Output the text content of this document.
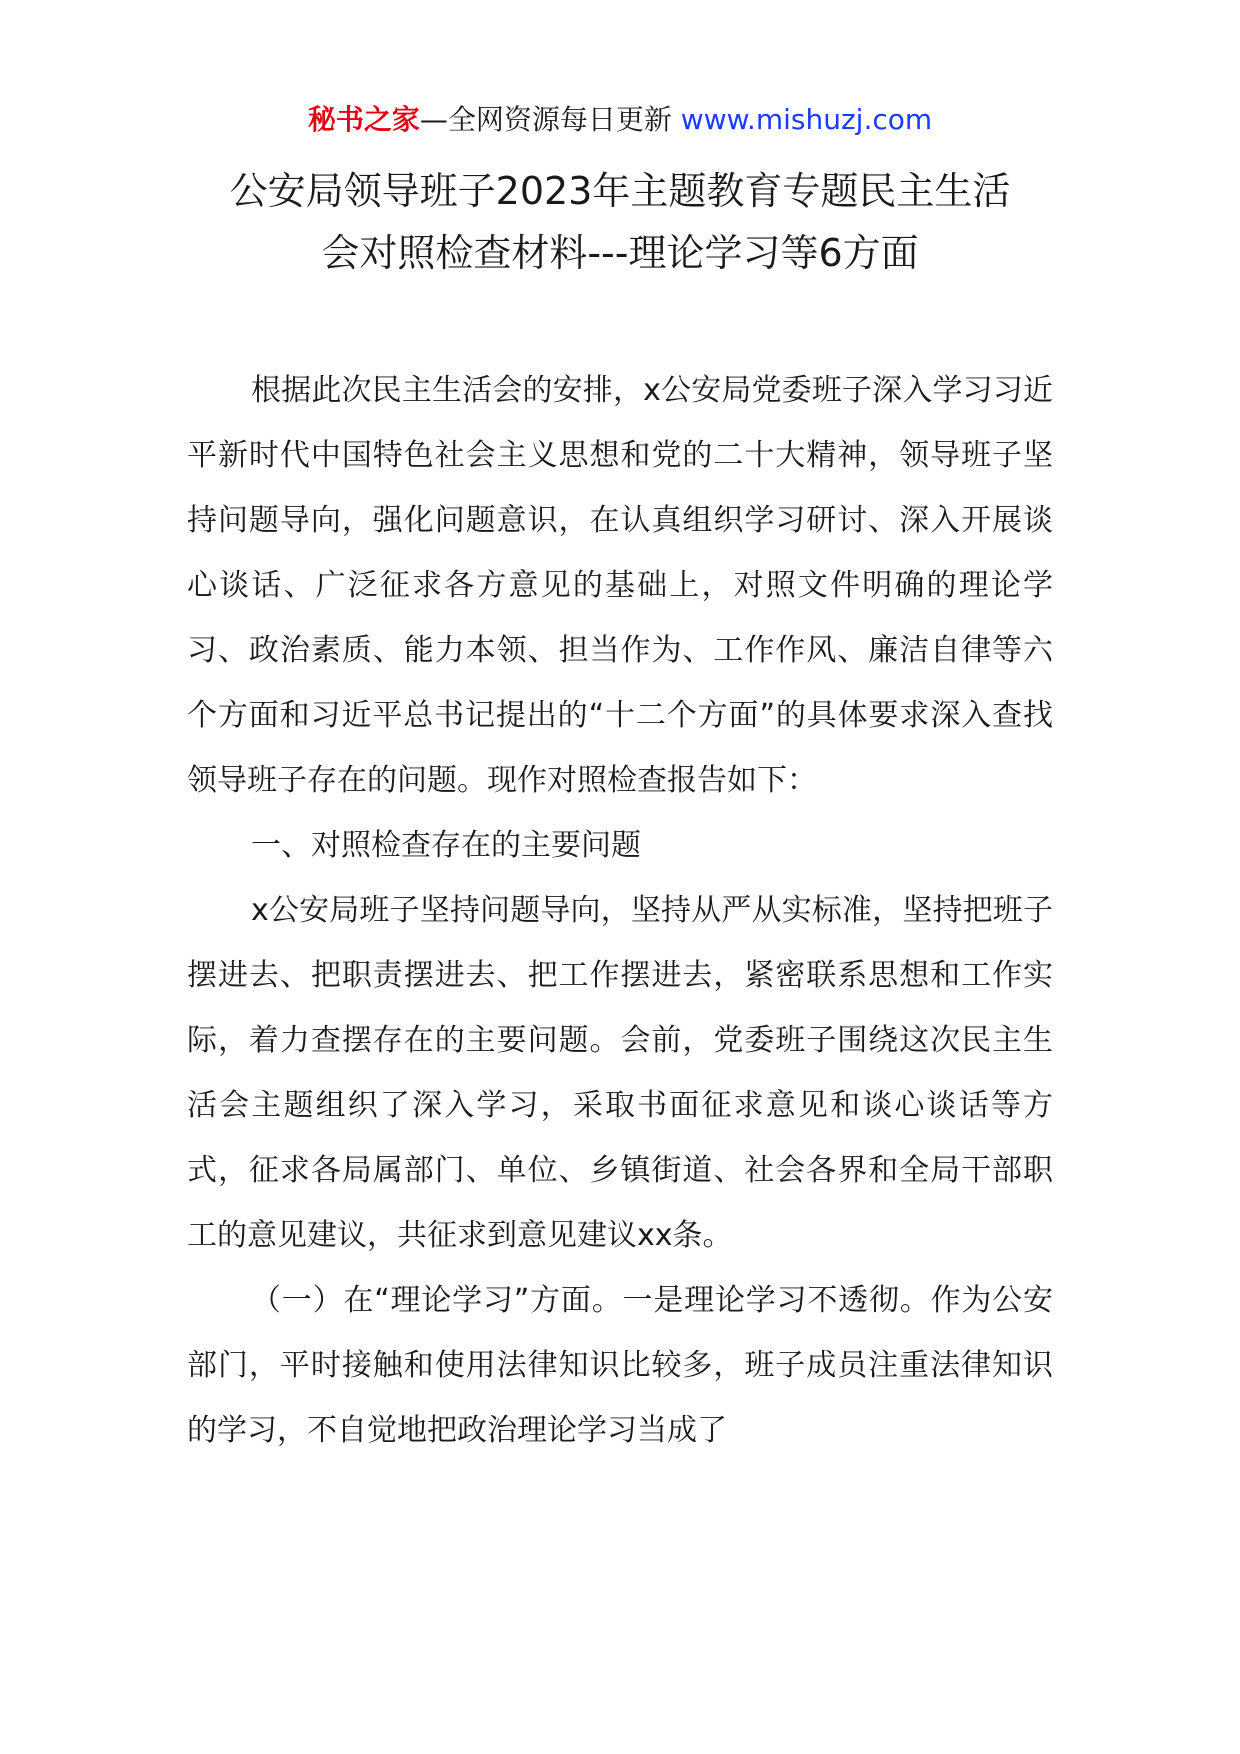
秘书之家—全网资源每日更新 www.mishuzj.com
公安局领导班子2023年主题教育专题民主生活
会对照检查材料---理论学习等6方面

根据此次民主生活会的安排，x公安局党委班子深入学习习近平新时代中国特色社会主义思想和党的二十大精神，领导班子坚持问题导向，强化问题意识，在认真组织学习研讨、深入开展谈心谈话、广泛征求各方意见的基础上，对照文件明确的理论学习、政治素质、能力本领、担当作为、工作作风、廉洁自律等六个方面和习近平总书记提出的“十二个方面”的具体要求深入查找领导班子存在的问题。现作对照检查报告如下：

一、对照检查存在的主要问题

x公安局班子坚持问题导向，坚持从严从实标准，坚持把班子摆进去、把职责摆进去、把工作摆进去，紧密联系思想和工作实际，着力查摆存在的主要问题。会前，党委班子围绕这次民主生活会主题组织了深入学习，采取书面征求意见和谈心谈话等方式，征求各局属部门、单位、乡镇街道、社会各界和全局干部职工的意见建议，共征求到意见建议xx条。

（一）在“理论学习”方面。一是理论学习不透彻。作为公安部门，平时接触和使用法律知识比较多，班子成员注重法律知识的学习，不自觉地把政治理论学习当成了
